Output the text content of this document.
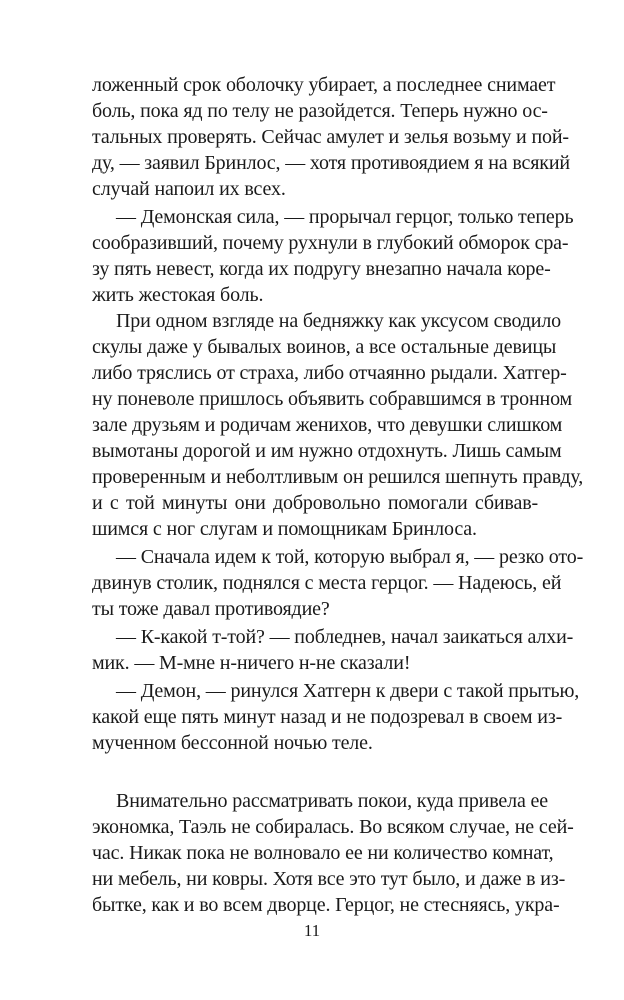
ложенный срок оболочку убирает, а последнее снимает
боль, пока яд по телу не разойдется. Теперь нужно ос-
тальных проверять. Сейчас амулет и зелья возьму и пой-
ду, — заявил Бринлос, — хотя противоядием я на всякий
случай напоил их всех.
— Демонская сила, — прорычал герцог, только теперь
сообразивший, почему рухнули в глубокий обморок сра-
зу пять невест, когда их подругу внезапно начала коре-
жить жестокая боль.
При одном взгляде на бедняжку как уксусом сводило
скулы даже у бывалых воинов, а все остальные девицы
либо тряслись от страха, либо отчаянно рыдали. Хатгер-
ну поневоле пришлось объявить собравшимся в тронном
зале друзьям и родичам женихов, что девушки слишком
вымотаны дорогой и им нужно отдохнуть. Лишь самым
проверенным и неболтливым он решился шепнуть правду,
и с той минуты они добровольно помогали сбивав-
шимся с ног слугам и помощникам Бринлоса.
— Сначала идем к той, которую выбрал я, — резко ото-
двинув столик, поднялся с места герцог. — Надеюсь, ей
ты тоже давал противоядие?
— К-какой т-той? — побледнев, начал заикаться алхи-
мик. — М-мне н-ничего н-не сказали!
— Демон, — ринулся Хатгерн к двери с такой прытью,
какой еще пять минут назад и не подозревал в своем из-
мученном бессонной ночью теле.
Внимательно рассматривать покои, куда привела ее
экономка, Таэль не собиралась. Во всяком случае, не сей-
час. Никак пока не волновало ее ни количество комнат,
ни мебель, ни ковры. Хотя все это тут было, и даже в из-
бытке, как и во всем дворце. Герцог, не стесняясь, укра-
11
